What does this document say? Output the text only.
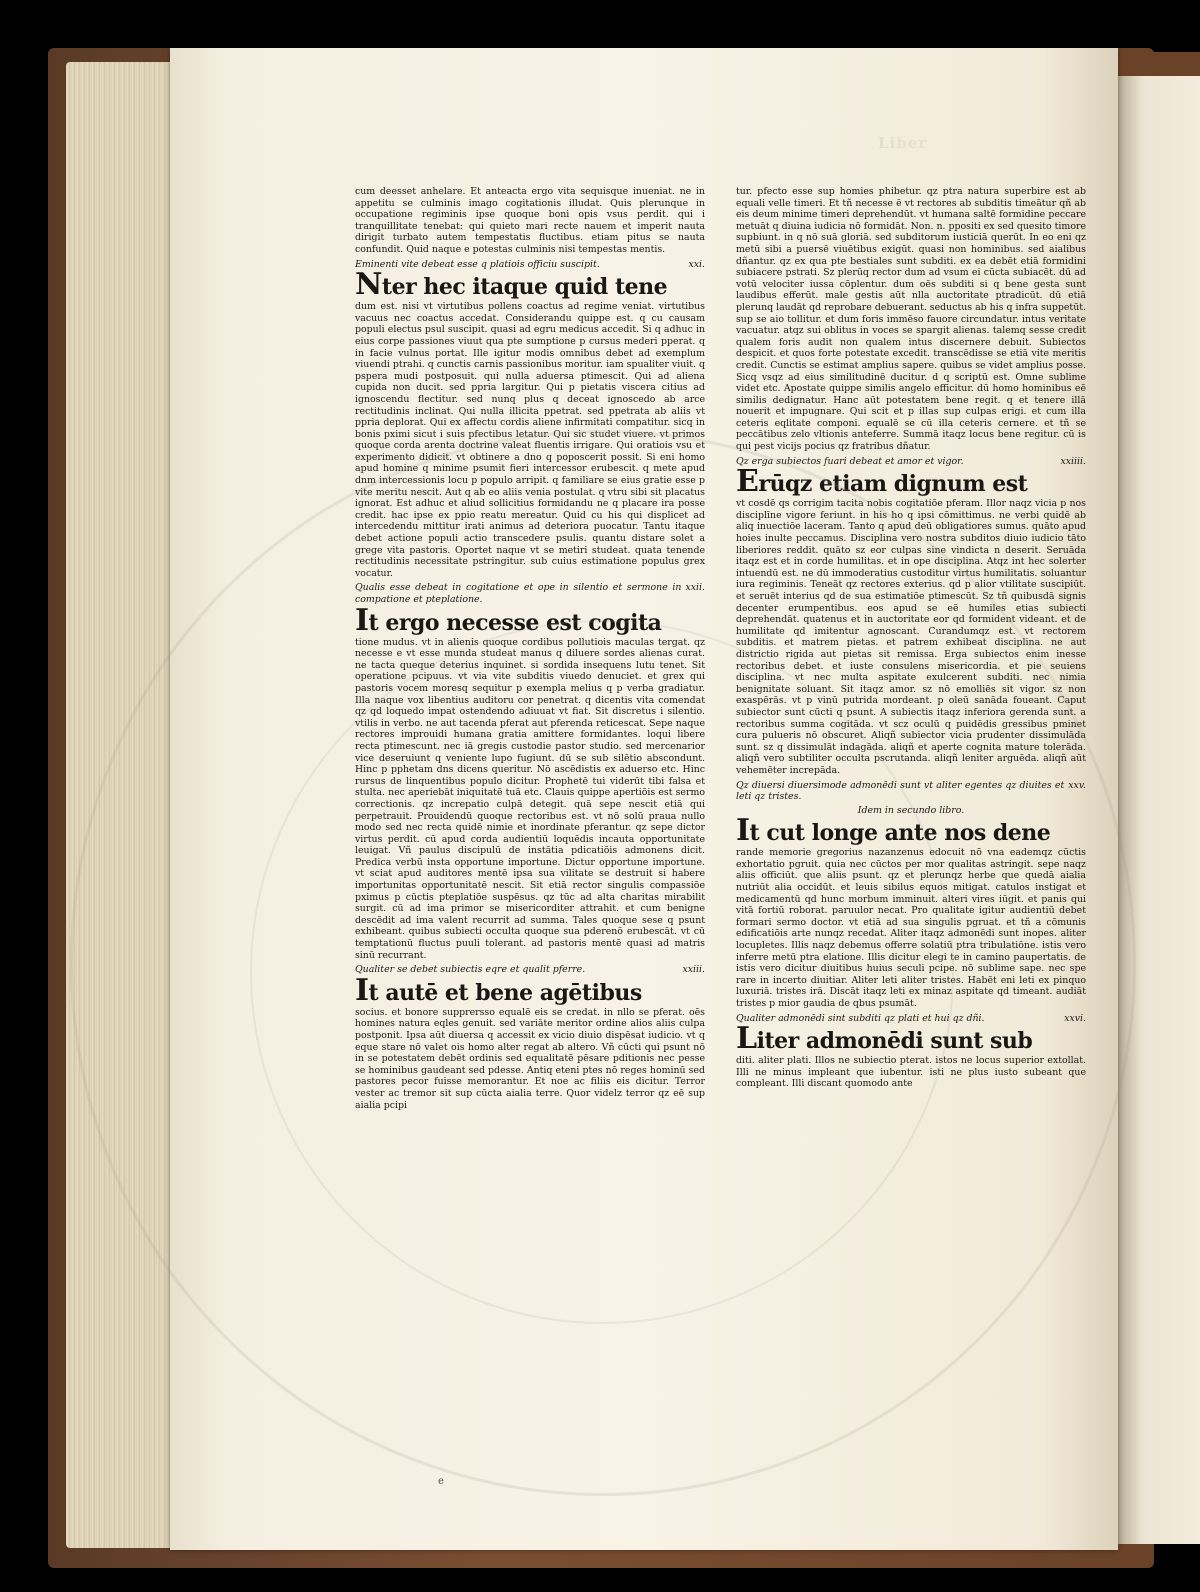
Liber

cum deesset anhelare. Et anteacta ergo vita sequisque inueniat. ne in appetitu se culminis imago cogitationis illudat. Quis plerunque in occupatione regiminis ipse quoque boni opis vsus perdit. qui i tranquillitate tenebat: qui quieto mari recte nauem et imperit nauta dirigit turbato autem tempestatis fluctibus. etiam pitus se nauta confundit. Quid naque e potestas culminis nisi tempestas mentis.

xxi.
Eminenti vite debeat esse q platiois officiu suscipit.

Nter hec itaque quid tene

dum est. nisi vt virtutibus pollens coactus ad regime veniat. virtutibus vacuus nec coactus accedat. Considerandu quippe est. q cu causam populi electus psul suscipit. quasi ad egru medicus accedit. Si q adhuc in eius corpe passiones viuut qua pte sumptione p cursus mederi pperat. q in facie vulnus portat. Ille igitur modis omnibus debet ad exemplum viuendi ptrahi. q cunctis carnis passionibus moritur. iam spualiter viuit. q pspera mudi postposuit. qui nulla aduersa ptimescit. Qui ad aliena cupida non ducit. sed ppria largitur. Qui p pietatis viscera citius ad ignoscendu flectitur. sed nunq plus q deceat ignoscedo ab arce rectitudinis inclinat. Qui nulla illicita ppetrat. sed ppetrata ab aliis vt ppria deplorat. Qui ex affectu cordis aliene infirmitati compatitur. sicq in bonis pximi sicut i suis pfectibus letatur. Qui sic studet viuere. vt primos quoque corda arenta doctrine valeat fluentis irrigare. Qui oratiois vsu et experimento didicit. vt obtinere a dno q poposcerit possit. Si eni homo apud homine q minime psumit fieri intercessor erubescit. q mete apud dnm intercessionis locu p populo arripit. q familiare se eius gratie esse p vite meritu nescit. Aut q ab eo aliis venia postulat. q vtru sibi sit placatus ignorat. Est adhuc et aliud sollicitius formidandu ne q placare ira posse credit. hac ipse ex ppio reatu mereatur. Quid cu his qui displicet ad intercedendu mittitur irati animus ad deteriora puocatur. Tantu itaque debet actione populi actio transcedere psulis. quantu distare solet a grege vita pastoris. Oportet naque vt se metiri studeat. quata tenende rectitudinis necessitate pstringitur. sub cuius estimatione populus grex vocatur.

xxii.
Qualis esse debeat in cogitatione et ope in silentio et sermone in compatione et pteplatione.

It ergo necesse est cogita

tione mudus. vt in alienis quoque cordibus pollutiois maculas tergat. qz necesse e vt esse munda studeat manus q diluere sordes alienas curat. ne tacta queque deterius inquinet. si sordida insequens lutu tenet. Sit operatione pcipuus. vt via vite subditis viuedo denuciet. et grex qui pastoris vocem moresq sequitur p exempla melius q p verba gradiatur. Illa naque vox libentius auditoru cor penetrat. q dicentis vita comendat qz qd loquedo impat ostendendo adiuuat vt fiat. Sit discretus i silentio. vtilis in verbo. ne aut tacenda pferat aut pferenda reticescat. Sepe naque rectores improuidi humana gratia amittere formidantes. loqui libere recta ptimescunt. nec iā gregis custodie pastor studio. sed mercenarior vice deseruiunt q veniente lupo fugiunt. dū se sub silētio abscondunt. Hinc p pphetam dns dicens queritur. Nō ascēdistis ex aduerso etc. Hinc rursus de linquentibus populo dicitur. Prophetē tui viderūt tibi falsa et stulta. nec aperiebāt iniquitatē tuā etc. Clauis quippe apertiōis est sermo correctionis. qz increpatio culpā detegit. quā sepe nescit etiā qui perpetrauit. Prouidendū quoque rectoribus est. vt nō solū praua nullo modo sed nec recta quidē nimie et inordinate pferantur. qz sepe dictor virtus perdit. cū apud corda audientiū loquēdis incauta opportunitate leuigat. Vñ paulus discipulū de instātia pdicatiōis admonens dicit. Predica verbū insta opportune importune. Dictur opportune importune. vt sciat apud auditores mentē ipsa sua vilitate se destruit si habere importunitas opportunitatē nescit. Sit etiā rector singulis compassiōe pximus p cūctis pteplatiōe suspēsus. qz tūc ad alta charitas mirabilit surgit. cū ad ima primor se misericorditer attrahit. et cum benigne descēdit ad ima valent recurrit ad summa. Tales quoque sese q psunt exhibeant. quibus subiecti occulta quoque sua pderenō erubescāt. vt cū temptationū fluctus puuli tolerant. ad pastoris mentē quasi ad matris sinū recurrant.

xxiii.
Qualiter se debet subiectis eqre et qualit pferre.

It autē et bene agētibus

socius. et bonore supprersso equalē eis se credat. in nllo se pferat. oēs homines natura eqles genuit. sed variāte meritor ordine alios aliis culpa postponit. Ipsa aūt diuersa q accessit ex vicio diuio dispēsat iudicio. vt q eque stare nō valet ois homo alter regat ab altero. Vñ cūcti qui psunt nō in se potestatem debēt ordinis sed equalitatē pēsare pditionis nec pesse se hominibus gaudeant sed pdesse. Antiq eteni ptes nō reges hominū sed pastores pecor fuisse memorantur. Et noe ac filiis eis dicitur. Terror vester ac tremor sit sup cūcta aialia terre. Quor videlz terror qz eē sup aialia pcipi

tur. pfecto esse sup homies phibetur. qz ptra natura superbire est ab equali velle timeri. Et tñ necesse ē vt rectores ab subditis timeātur qñ ab eis deum minime timeri deprehendūt. vt humana saltē formidine peccare metuāt q diuina iudicia nō formidāt. Non. n. ppositi ex sed quesito timore supbiunt. in q nō suā gloriā. sed subditorum iusticiā querūt. In eo eni qz metū sibi a puersē viuētibus exigūt. quasi non hominibus. sed aialibus dñantur. qz ex qua pte bestiales sunt subditi. ex ea debēt etiā formidini subiacere pstrati. Sz plerūq rector dum ad vsum ei cūcta subiacēt. dū ad votū velociter iussa cōplentur. dum oēs subditi si q bene gesta sunt laudibus efferūt. male gestis aūt nlla auctoritate ptradicūt. dū etiā plerunq laudāt qd reprobare debuerant. seductus ab his q infra suppetūt. sup se aio tollitur. et dum foris immēso fauore circundatur. intus veritate vacuatur. atqz sui oblitus in voces se spargit alienas. talemq sesse credit qualem foris audit non qualem intus discernere debuit. Subiectos despicit. et quos forte potestate excedit. transcēdisse se etiā vite meritis credit. Cunctis se estimat amplius sapere. quibus se videt amplius posse. Sicq vsqz ad eius similitudinē ducitur. d q scriptū est. Omne sublime videt etc. Apostate quippe similis angelo efficitur. dū homo hominibus eē similis dedignatur. Hanc aūt potestatem bene regit. q et tenere illā nouerit et impugnare. Qui scit et p illas sup culpas erigi. et cum illa ceteris eqlitate componi. equalē se cū illa ceteris cernere. et tñ se peccātibus zelo vltionis anteferre. Summā itaqz locus bene regitur. cū is qui pest vicijs pocius qz fratribus dñatur.

xxiiii.
Qz erga subiectos fuari debeat et amor et vigor.

Erūqz etiam dignum est

vt cosdē qs corrigim tacita nobis cogitatiōe pferam. Illor naqz vicia p nos disciplīne vigore feriunt. in his ho q ipsi cōmittimus. ne verbi quidē ab aliq inuectiōe laceram. Tanto q apud deū obligatiores sumus. quāto apud hoies inulte peccamus. Disciplina vero nostra subditos diuio iudicio tāto liberiores reddit. quāto sz eor culpas sine vindicta n deserit. Seruāda itaqz est et in corde humilitas. et in ope disciplina. Atqz int hec solerter intuendū est. ne dū immoderatius custoditur virtus humilitatis. soluantur iura regiminis. Teneāt qz rectores exterius. qd p alior vtilitate suscipiūt. et seruēt interius qd de sua estimatiōe ptimescūt. Sz tñ quibusdā signis decenter erumpentibus. eos apud se eē humiles etias subiecti deprehendāt. quatenus et in auctoritate eor qd formident videant. et de humilitate qd imitentur agnoscant. Curandumqz est. vt rectorem subditis. et matrem pietas. et patrem exhibeat disciplina. ne aut districtio rigida aut pietas sit remissa. Erga subiectos enim inesse rectoribus debet. et iuste consulens misericordia. et pie seuiens disciplina. vt nec multa aspitate exulcerent subditi. nec nimia benignitate soluant. Sit itaqz amor. sz nō emolliēs sit vigor. sz non exaspērās. vt p vinū putrida mordeant. p oleū sanāda foueant. Caput subiector sunt cūcti q psunt. A subiectis itaqz inferiora gerenda sunt. a rectoribus summa cogitāda. vt scz oculū q puidēdis gressibus pminet cura pulueris nō obscuret. Aliqñ subiector vicia prudenter dissimulāda sunt. sz q dissimulāt indagāda. aliqñ et aperte cognita mature tolerāda. aliqñ vero subtiliter occulta pscrutanda. aliqñ leniter arguēda. aliqñ aūt vehemēter increpāda.

xxv.
Qz diuersi diuersimode admonēdi sunt vt aliter egentes qz diuites et leti qz tristes.

Idem in secundo libro.

It cut longe ante nos dene

rande memorie gregorius nazanzenus edocuit nō vna eademqz cūctis exhortatio pgruit. quia nec cūctos per mor qualitas astringit. sepe naqz aliis officiūt. que aliis psunt. qz et plerunqz herbe que quedā aialia nutriūt alia occidūt. et leuis sibilus equos mitigat. catulos instigat et medicamentū qd hunc morbum imminuit. alteri vires iūgit. et panis qui vitā fortiū roborat. paruulor necat. Pro qualitate igitur audientiū debet formari sermo doctor. vt etiā ad sua singulis pgruat. et tñ a cōmunis edificatiōis arte nunqz recedat. Aliter itaqz admonēdi sunt inopes. aliter locupletes. Illis naqz debemus offerre solatiū ptra tribulatiōne. istis vero inferre metū ptra elatione. Illis dicitur elegi te in camino paupertatis. de istis vero dicitur diuitibus huius seculi pcipe. nō sublime sape. nec spe rare in incerto diuitiar. Aliter leti aliter tristes. Habēt eni leti ex pinquo luxuriā. tristes irā. Discāt itaqz leti ex minaz aspitate qd timeant. audiāt tristes p mior gaudia de qbus psumāt.

xxvi.
Qualiter admonēdi sint subditi qz plati et hui qz dñi.

Liter admonēdi sunt sub

diti. aliter plati. Illos ne subiectio pterat. istos ne locus superior extollat. Illi ne minus impleant que iubentur. isti ne plus iusto subeant que compleant. Illi discant quomodo ante

e
